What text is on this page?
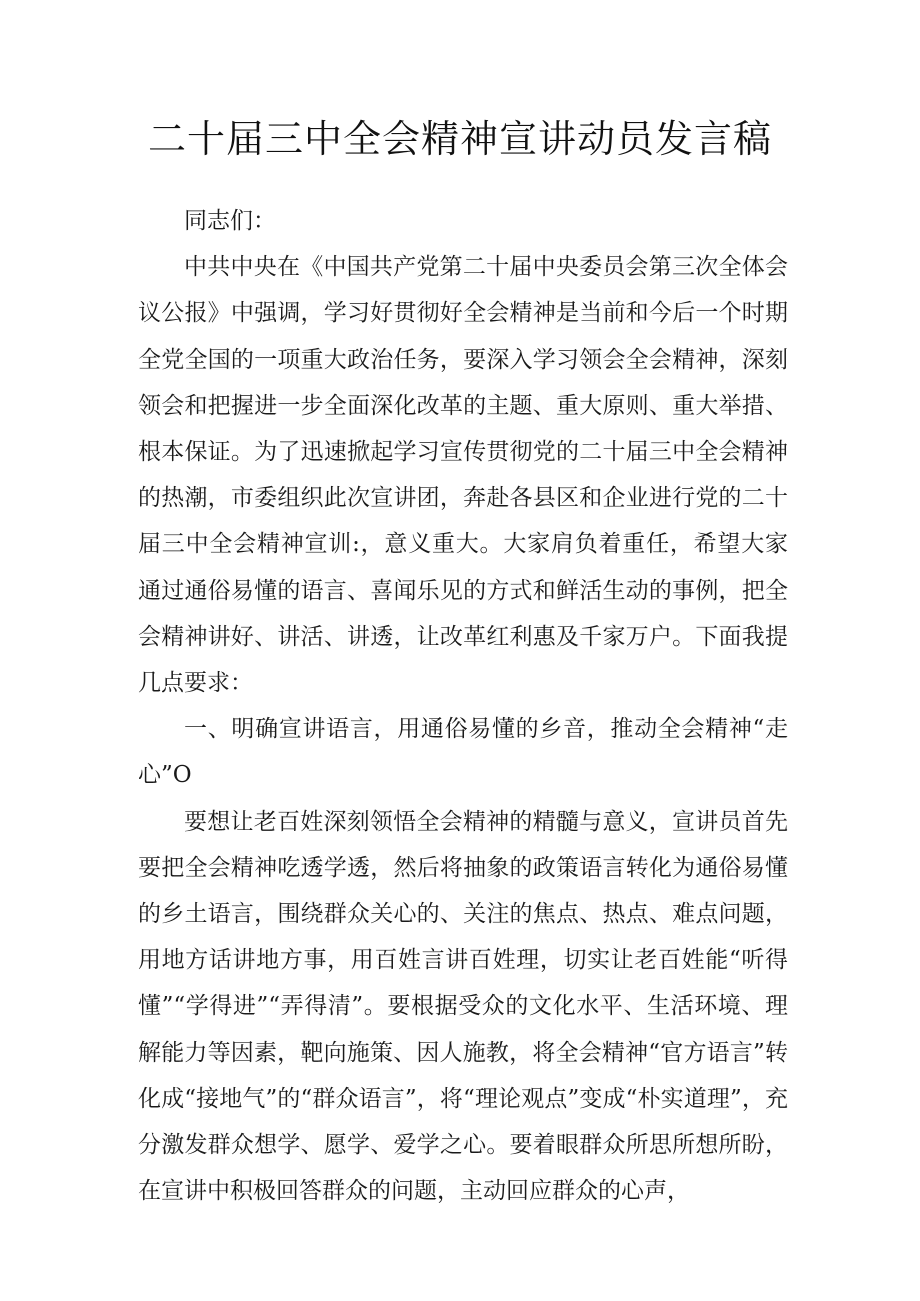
二十届三中全会精神宣讲动员发言稿

同志们：

中共中央在《中国共产党第二十届中央委员会第三次全体会议公报》中强调，学习好贯彻好全会精神是当前和今后一个时期全党全国的一项重大政治任务，要深入学习领会全会精神，深刻领会和把握进一步全面深化改革的主题、重大原则、重大举措、根本保证。为了迅速掀起学习宣传贯彻党的二十届三中全会精神的热潮，市委组织此次宣讲团，奔赴各县区和企业进行党的二十届三中全会精神宣训:，意义重大。大家肩负着重任，希望大家通过通俗易懂的语言、喜闻乐见的方式和鲜活生动的事例，把全会精神讲好、讲活、讲透，让改革红利惠及千家万户。下面我提几点要求：

一、明确宣讲语言，用通俗易懂的乡音，推动全会精神“走心”O

要想让老百姓深刻领悟全会精神的精髓与意义，宣讲员首先要把全会精神吃透学透，然后将抽象的政策语言转化为通俗易懂的乡土语言，围绕群众关心的、关注的焦点、热点、难点问题，用地方话讲地方事，用百姓言讲百姓理，切实让老百姓能“听得懂”“学得进”“弄得清”。要根据受众的文化水平、生活环境、理解能力等因素，靶向施策、因人施教，将全会精神“官方语言”转化成“接地气”的“群众语言”，将“理论观点”变成“朴实道理”，充分激发群众想学、愿学、爱学之心。要着眼群众所思所想所盼，在宣讲中积极回答群众的问题，主动回应群众的心声，
